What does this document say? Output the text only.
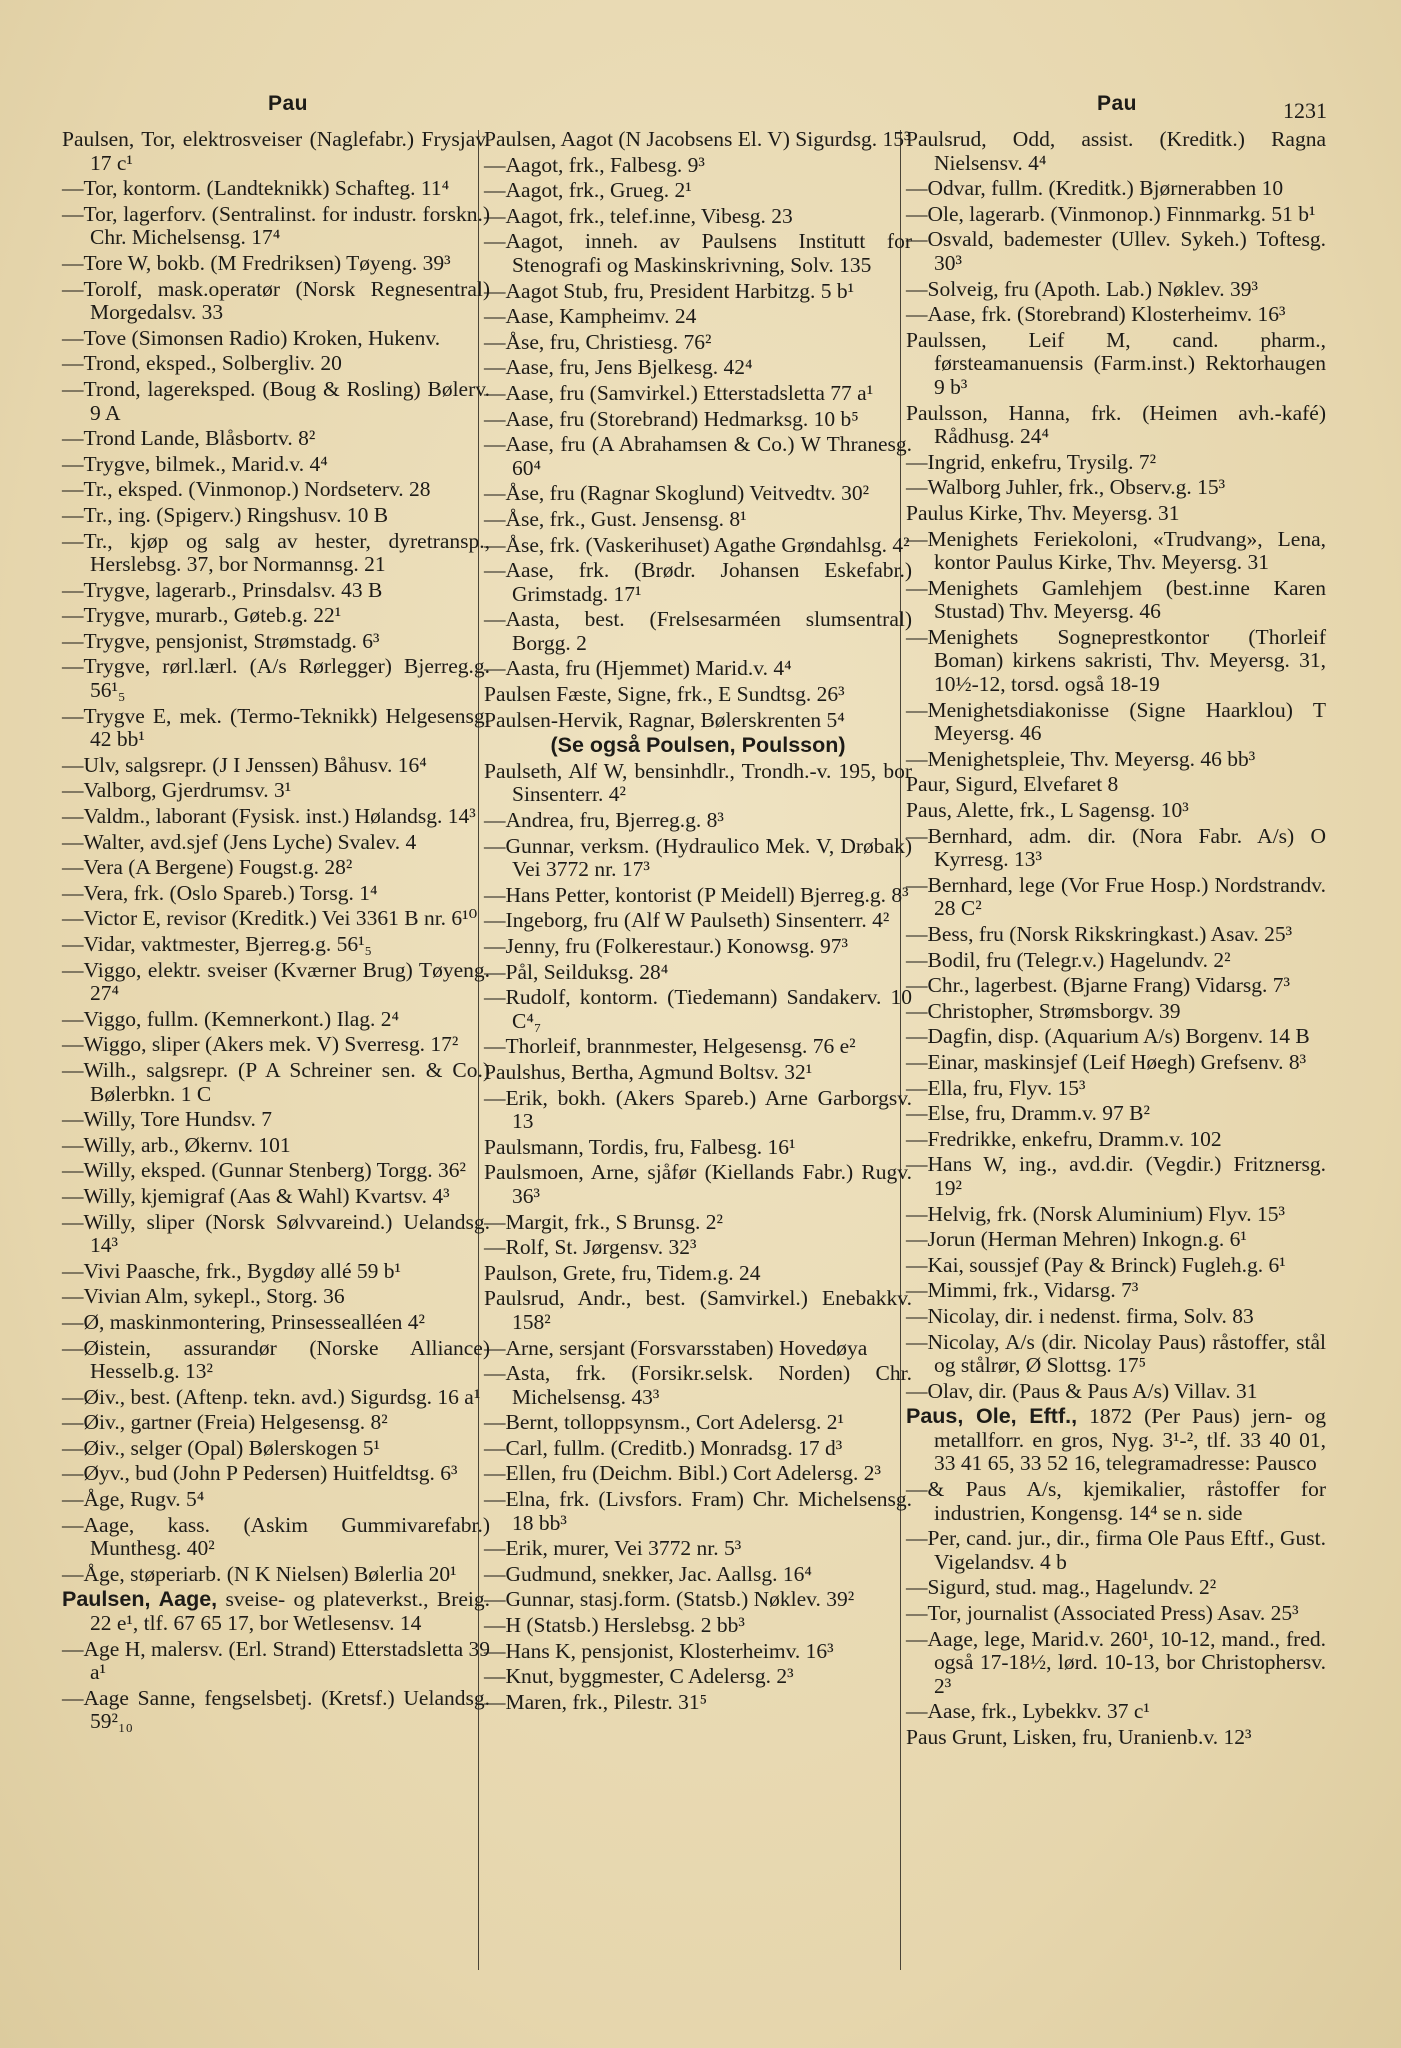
Pau	Pau	1231
Paulsen, Tor, elektrosveiser (Naglefabr.) Frysjav. 17 c¹
—Tor, kontorm. (Landteknikk) Schafteg. 11⁴
—Tor, lagerforv. (Sentralinst. for industr. forskn.) Chr. Michelsensg. 17⁴
—Tore W, bokb. (M Fredriksen) Tøyeng. 39³
—Torolf, mask.operatør (Norsk Regnesentral) Morgedalsv. 33
—Tove (Simonsen Radio) Kroken, Hukenv.
—Trond, eksped., Solbergliv. 20
—Trond, lagereksped. (Boug & Rosling) Bølerv. 9 A
—Trond Lande, Blåsbortv. 8²
—Trygve, bilmek., Marid.v. 4⁴
—Tr., eksped. (Vinmonop.) Nordseterv. 28
—Tr., ing. (Spigerv.) Ringshusv. 10 B
—Tr., kjøp og salg av hester, dyretransp., Herslebsg. 37, bor Normannsg. 21
—Trygve, lagerarb., Prinsdalsv. 43 B
—Trygve, murarb., Gøteb.g. 22¹
—Trygve, pensjonist, Strømstadg. 6³
—Trygve, rørl.lærl. (A/s Rørlegger) Bjerreg.g. 56¹₅
—Trygve E, mek. (Termo-Teknikk) Helgesensg. 42 bb¹
—Ulv, salgsrepr. (J I Jenssen) Båhusv. 16⁴
—Valborg, Gjerdrumsv. 3¹
—Valdm., laborant (Fysisk. inst.) Hølandsg. 14³
—Walter, avd.sjef (Jens Lyche) Svalev. 4
—Vera (A Bergene) Fougst.g. 28²
—Vera, frk. (Oslo Spareb.) Torsg. 1⁴
—Victor E, revisor (Kreditk.) Vei 3361 B nr. 6¹⁰
—Vidar, vaktmester, Bjerreg.g. 56¹₅
—Viggo, elektr. sveiser (Kværner Brug) Tøyeng. 27⁴
—Viggo, fullm. (Kemnerkont.) Ilag. 2⁴
—Wiggo, sliper (Akers mek. V) Sverresg. 17²
—Wilh., salgsrepr. (P A Schreiner sen. & Co.) Bølerbkn. 1 C
—Willy, Tore Hundsv. 7
—Willy, arb., Økernv. 101
—Willy, eksped. (Gunnar Stenberg) Torgg. 36²
—Willy, kjemigraf (Aas & Wahl) Kvartsv. 4³
—Willy, sliper (Norsk Sølvvareind.) Uelandsg. 14³
—Vivi Paasche, frk., Bygdøy allé 59 b¹
—Vivian Alm, sykepl., Storg. 36
—Ø, maskinmontering, Prinsessealléen 4²
—Øistein, assurandør (Norske Alliance) Hesselb.g. 13²
—Øiv., best. (Aftenp. tekn. avd.) Sigurdsg. 16 a¹
—Øiv., gartner (Freia) Helgesensg. 8²
—Øiv., selger (Opal) Bølerskogen 5¹
—Øyv., bud (John P Pedersen) Huitfeldtsg. 6³
—Åge, Rugv. 5⁴
—Aage, kass. (Askim Gummivarefabr.) Munthesg. 40²
—Åge, støperiarb. (N K Nielsen) Bølerlia 20¹
Paulsen, Aage, sveise- og plateverkst., Breig. 22 e¹, tlf. 67 65 17, bor Wetlesensv. 14
—Age H, malersv. (Erl. Strand) Etterstadsletta 39 a¹
—Aage Sanne, fengselsbetj. (Kretsf.) Uelandsg. 59²₁₀
Paulsen, Aagot (N Jacobsens El. V) Sigurdsg. 15³
—Aagot, frk., Falbesg. 9³
—Aagot, frk., Grueg. 2¹
—Aagot, frk., telef.inne, Vibesg. 23
—Aagot, inneh. av Paulsens Institutt for Stenografi og Maskinskrivning, Solv. 135
—Aagot Stub, fru, President Harbitzg. 5 b¹
—Aase, Kampheimv. 24
—Åse, fru, Christiesg. 76²
—Aase, fru, Jens Bjelkesg. 42⁴
—Aase, fru (Samvirkel.) Etterstadsletta 77 a¹
—Aase, fru (Storebrand) Hedmarksg. 10 b⁵
—Aase, fru (A Abrahamsen & Co.) W Thranesg. 60⁴
—Åse, fru (Ragnar Skoglund) Veitvedtv. 30²
—Åse, frk., Gust. Jensensg. 8¹
—Åse, frk. (Vaskerihuset) Agathe Grøndahlsg. 4²
—Aase, frk. (Brødr. Johansen Eskefabr.) Grimstadg. 17¹
—Aasta, best. (Frelsesarméen slumsentral) Borgg. 2
—Aasta, fru (Hjemmet) Marid.v. 4⁴
Paulsen Fæste, Signe, frk., E Sundtsg. 26³
Paulsen-Hervik, Ragnar, Bølerskrenten 5⁴
(Se også Poulsen, Poulsson)
Paulseth, Alf W, bensinhdlr., Trondh.-v. 195, bor Sinsenterr. 4²
—Andrea, fru, Bjerreg.g. 8³
—Gunnar, verksm. (Hydraulico Mek. V, Drøbak) Vei 3772 nr. 17³
—Hans Petter, kontorist (P Meidell) Bjerreg.g. 8³
—Ingeborg, fru (Alf W Paulseth) Sinsenterr. 4²
—Jenny, fru (Folkerestaur.) Konowsg. 97³
—Pål, Seilduksg. 28⁴
—Rudolf, kontorm. (Tiedemann) Sandakerv. 10 C⁴₇
—Thorleif, brannmester, Helgesensg. 76 e²
Paulshus, Bertha, Agmund Boltsv. 32¹
—Erik, bokh. (Akers Spareb.) Arne Garborgsv. 13
Paulsmann, Tordis, fru, Falbesg. 16¹
Paulsmoen, Arne, sjåfør (Kiellands Fabr.) Rugv. 36³
—Margit, frk., S Brunsg. 2²
—Rolf, St. Jørgensv. 32³
Paulson, Grete, fru, Tidem.g. 24
Paulsrud, Andr., best. (Samvirkel.) Enebakkv. 158²
—Arne, sersjant (Forsvarsstaben) Hovedøya
—Asta, frk. (Forsikr.selsk. Norden) Chr. Michelsensg. 43³
—Bernt, tolloppsynsm., Cort Adelersg. 2¹
—Carl, fullm. (Creditb.) Monradsg. 17 d³
—Ellen, fru (Deichm. Bibl.) Cort Adelersg. 2³
—Elna, frk. (Livsfors. Fram) Chr. Michelsensg. 18 bb³
—Erik, murer, Vei 3772 nr. 5³
—Gudmund, snekker, Jac. Aallsg. 16⁴
—Gunnar, stasj.form. (Statsb.) Nøklev. 39²
—H (Statsb.) Herslebsg. 2 bb³
—Hans K, pensjonist, Klosterheimv. 16³
—Knut, byggmester, C Adelersg. 2³
—Maren, frk., Pilestr. 31⁵
Paulsrud, Odd, assist. (Kreditk.) Ragna Nielsensv. 4⁴
—Odvar, fullm. (Kreditk.) Bjørnerabben 10
—Ole, lagerarb. (Vinmonop.) Finnmarkg. 51 b¹
—Osvald, bademester (Ullev. Sykeh.) Toftesg. 30³
—Solveig, fru (Apoth. Lab.) Nøklev. 39³
—Aase, frk. (Storebrand) Klosterheimv. 16³
Paulssen, Leif M, cand. pharm., førsteamanuensis (Farm.inst.) Rektorhaugen 9 b³
Paulsson, Hanna, frk. (Heimen avh.-kafé) Rådhusg. 24⁴
—Ingrid, enkefru, Trysilg. 7²
—Walborg Juhler, frk., Observ.g. 15³
Paulus Kirke, Thv. Meyersg. 31
—Menighets Feriekoloni, «Trudvang», Lena, kontor Paulus Kirke, Thv. Meyersg. 31
—Menighets Gamlehjem (best.inne Karen Stustad) Thv. Meyersg. 46
—Menighets Sogneprestkontor (Thorleif Boman) kirkens sakristi, Thv. Meyersg. 31, 10½-12, torsd. også 18-19
—Menighetsdiakonisse (Signe Haarklou) T Meyersg. 46
—Menighetspleie, Thv. Meyersg. 46 bb³
Paur, Sigurd, Elvefaret 8
Paus, Alette, frk., L Sagensg. 10³
—Bernhard, adm. dir. (Nora Fabr. A/s) O Kyrresg. 13³
—Bernhard, lege (Vor Frue Hosp.) Nordstrandv. 28 C²
—Bess, fru (Norsk Rikskringkast.) Asav. 25³
—Bodil, fru (Telegr.v.) Hagelundv. 2²
—Chr., lagerbest. (Bjarne Frang) Vidarsg. 7³
—Christopher, Strømsborgv. 39
—Dagfin, disp. (Aquarium A/s) Borgenv. 14 B
—Einar, maskinsjef (Leif Høegh) Grefsenv. 8³
—Ella, fru, Flyv. 15³
—Else, fru, Dramm.v. 97 B²
—Fredrikke, enkefru, Dramm.v. 102
—Hans W, ing., avd.dir. (Vegdir.) Fritznersg. 19²
—Helvig, frk. (Norsk Aluminium) Flyv. 15³
—Jorun (Herman Mehren) Inkogn.g. 6¹
—Kai, soussjef (Pay & Brinck) Fugleh.g. 6¹
—Mimmi, frk., Vidarsg. 7³
—Nicolay, dir. i nedenst. firma, Solv. 83
—Nicolay, A/s (dir. Nicolay Paus) råstoffer, stål og stålrør, Ø Slottsg. 17⁵
—Olav, dir. (Paus & Paus A/s) Villav. 31
Paus, Ole, Eftf., 1872 (Per Paus) jern- og metallforr. en gros, Nyg. 3¹-², tlf. 33 40 01, 33 41 65, 33 52 16, telegramadresse: Pausco
—& Paus A/s, kjemikalier, råstoffer for industrien, Kongensg. 14⁴ se n. side
—Per, cand. jur., dir., firma Ole Paus Eftf., Gust. Vigelandsv. 4 b
—Sigurd, stud. mag., Hagelundv. 2²
—Tor, journalist (Associated Press) Asav. 25³
—Aage, lege, Marid.v. 260¹, 10-12, mand., fred. også 17-18½, lørd. 10-13, bor Christophersv. 2³
—Aase, frk., Lybekkv. 37 c¹
Paus Grunt, Lisken, fru, Uranienb.v. 12³
